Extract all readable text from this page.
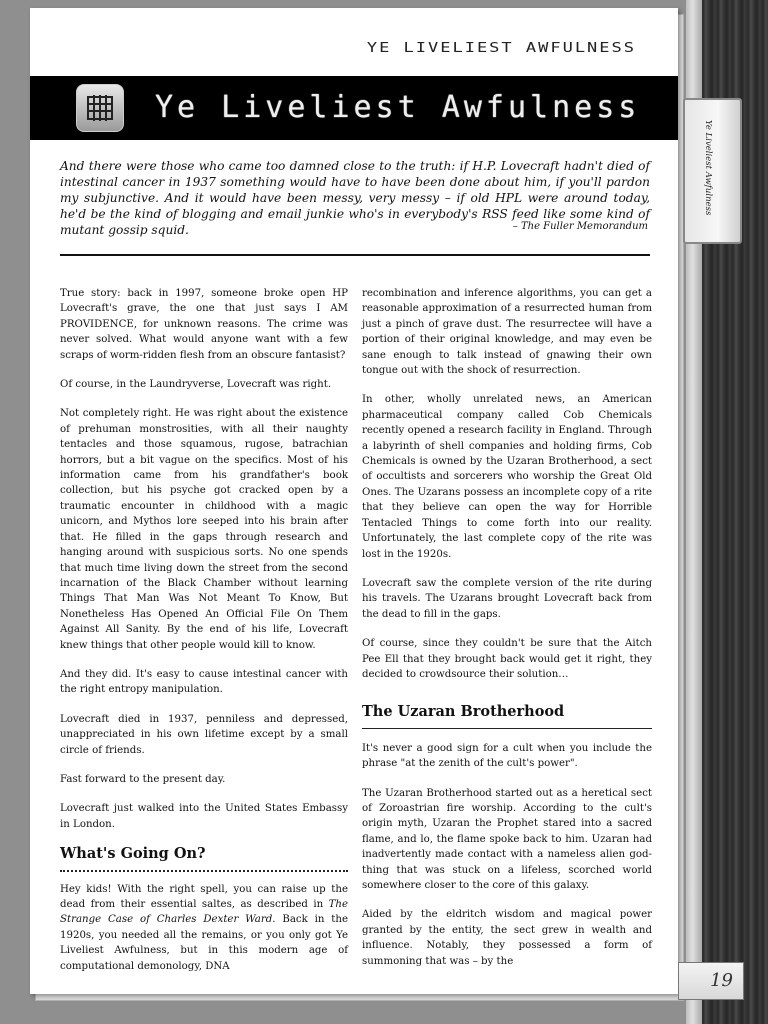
YE LIVELIEST AWFULNESS
Ye Liveliest Awfulness
And there were those who came too damned close to the truth: if H.P. Lovecraft hadn't died of intestinal cancer in 1937 something would have to have been done about him, if you'll pardon my subjunctive. And it would have been messy, very messy – if old HPL were around today, he'd be the kind of blogging and email junkie who's in everybody's RSS feed like some kind of mutant gossip squid.	– The Fuller Memorandum

True story: back in 1997, someone broke open HP Lovecraft's grave, the one that just says I AM PROVIDENCE, for unknown reasons. The crime was never solved. What would anyone want with a few scraps of worm-ridden flesh from an obscure fantasist?

Of course, in the Laundryverse, Lovecraft was right.

Not completely right. He was right about the existence of prehuman monstrosities, with all their naughty tentacles and those squamous, rugose, batrachian horrors, but a bit vague on the specifics. Most of his information came from his grandfather's book collection, but his psyche got cracked open by a traumatic encounter in childhood with a magic unicorn, and Mythos lore seeped into his brain after that. He filled in the gaps through research and hanging around with suspicious sorts. No one spends that much time living down the street from the second incarnation of the Black Chamber without learning Things That Man Was Not Meant To Know, But Nonetheless Has Opened An Official File On Them Against All Sanity. By the end of his life, Lovecraft knew things that other people would kill to know.

And they did. It's easy to cause intestinal cancer with the right entropy manipulation.

Lovecraft died in 1937, penniless and depressed, unappreciated in his own lifetime except by a small circle of friends.

Fast forward to the present day.

Lovecraft just walked into the United States Embassy in London.

What's Going On?

Hey kids! With the right spell, you can raise up the dead from their essential saltes, as described in The Strange Case of Charles Dexter Ward. Back in the 1920s, you needed all the remains, or you only got Ye Liveliest Awfulness, but in this modern age of computational demonology, DNA

recombination and inference algorithms, you can get a reasonable approximation of a resurrected human from just a pinch of grave dust. The resurrectee will have a portion of their original knowledge, and may even be sane enough to talk instead of gnawing their own tongue out with the shock of resurrection.

In other, wholly unrelated news, an American pharmaceutical company called Cob Chemicals recently opened a research facility in England. Through a labyrinth of shell companies and holding firms, Cob Chemicals is owned by the Uzaran Brotherhood, a sect of occultists and sorcerers who worship the Great Old Ones. The Uzarans possess an incomplete copy of a rite that they believe can open the way for Horrible Tentacled Things to come forth into our reality. Unfortunately, the last complete copy of the rite was lost in the 1920s.

Lovecraft saw the complete version of the rite during his travels. The Uzarans brought Lovecraft back from the dead to fill in the gaps.

Of course, since they couldn't be sure that the Aitch Pee Ell that they brought back would get it right, they decided to crowdsource their solution…

The Uzaran Brotherhood

It's never a good sign for a cult when you include the phrase "at the zenith of the cult's power".

The Uzaran Brotherhood started out as a heretical sect of Zoroastrian fire worship. According to the cult's origin myth, Uzaran the Prophet stared into a sacred flame, and lo, the flame spoke back to him. Uzaran had inadvertently made contact with a nameless alien god-thing that was stuck on a lifeless, scorched world somewhere closer to the core of this galaxy.

Aided by the eldritch wisdom and magical power granted by the entity, the sect grew in wealth and influence. Notably, they possessed a form of summoning that was – by the

Ye Liveliest Awfulness
19
